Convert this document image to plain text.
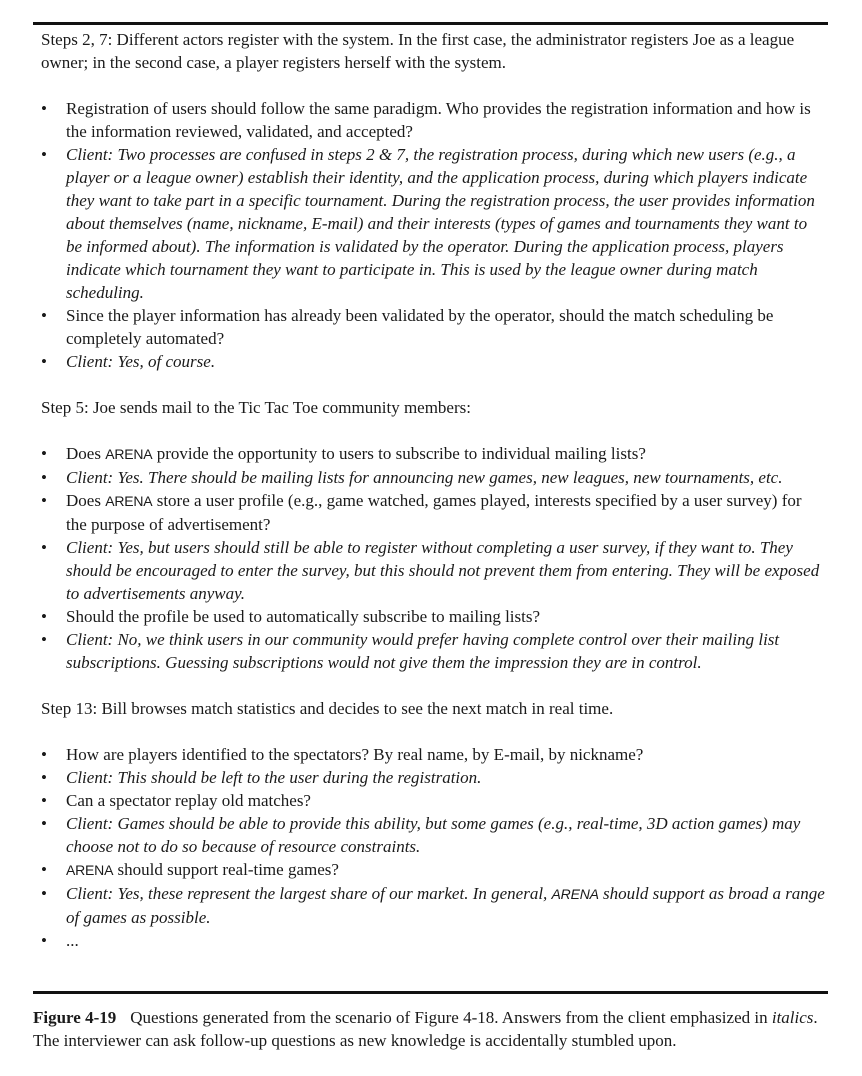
Steps 2, 7: Different actors register with the system. In the first case, the administrator registers Joe as a league owner; in the second case, a player registers herself with the system.

•	Registration of users should follow the same paradigm. Who provides the registration information and how is the information reviewed, validated, and accepted?
•	Client: Two processes are confused in steps 2 & 7, the registration process, during which new users (e.g., a player or a league owner) establish their identity, and the application process, during which players indicate they want to take part in a specific tournament. During the registration process, the user provides information about themselves (name, nickname, E-mail) and their interests (types of games and tournaments they want to be informed about). The information is validated by the operator. During the application process, players indicate which tournament they want to participate in. This is used by the league owner during match scheduling.
•	Since the player information has already been validated by the operator, should the match scheduling be completely automated?
•	Client: Yes, of course.

Step 5: Joe sends mail to the Tic Tac Toe community members:

•	Does ARENA provide the opportunity to users to subscribe to individual mailing lists?
•	Client: Yes. There should be mailing lists for announcing new games, new leagues, new tournaments, etc.
•	Does ARENA store a user profile (e.g., game watched, games played, interests specified by a user survey) for the purpose of advertisement?
•	Client: Yes, but users should still be able to register without completing a user survey, if they want to. They should be encouraged to enter the survey, but this should not prevent them from entering. They will be exposed to advertisements anyway.
•	Should the profile be used to automatically subscribe to mailing lists?
•	Client: No, we think users in our community would prefer having complete control over their mailing list subscriptions. Guessing subscriptions would not give them the impression they are in control.

Step 13: Bill browses match statistics and decides to see the next match in real time.

•	How are players identified to the spectators? By real name, by E-mail, by nickname?
•	Client: This should be left to the user during the registration.
•	Can a spectator replay old matches?
•	Client: Games should be able to provide this ability, but some games (e.g., real-time, 3D action games) may choose not to do so because of resource constraints.
•	ARENA should support real-time games?
•	Client: Yes, these represent the largest share of our market. In general, ARENA should support as broad a range of games as possible.
•	...
Figure 4-19 Questions generated from the scenario of Figure 4-18. Answers from the client emphasized in italics. The interviewer can ask follow-up questions as new knowledge is accidentally stumbled upon.
